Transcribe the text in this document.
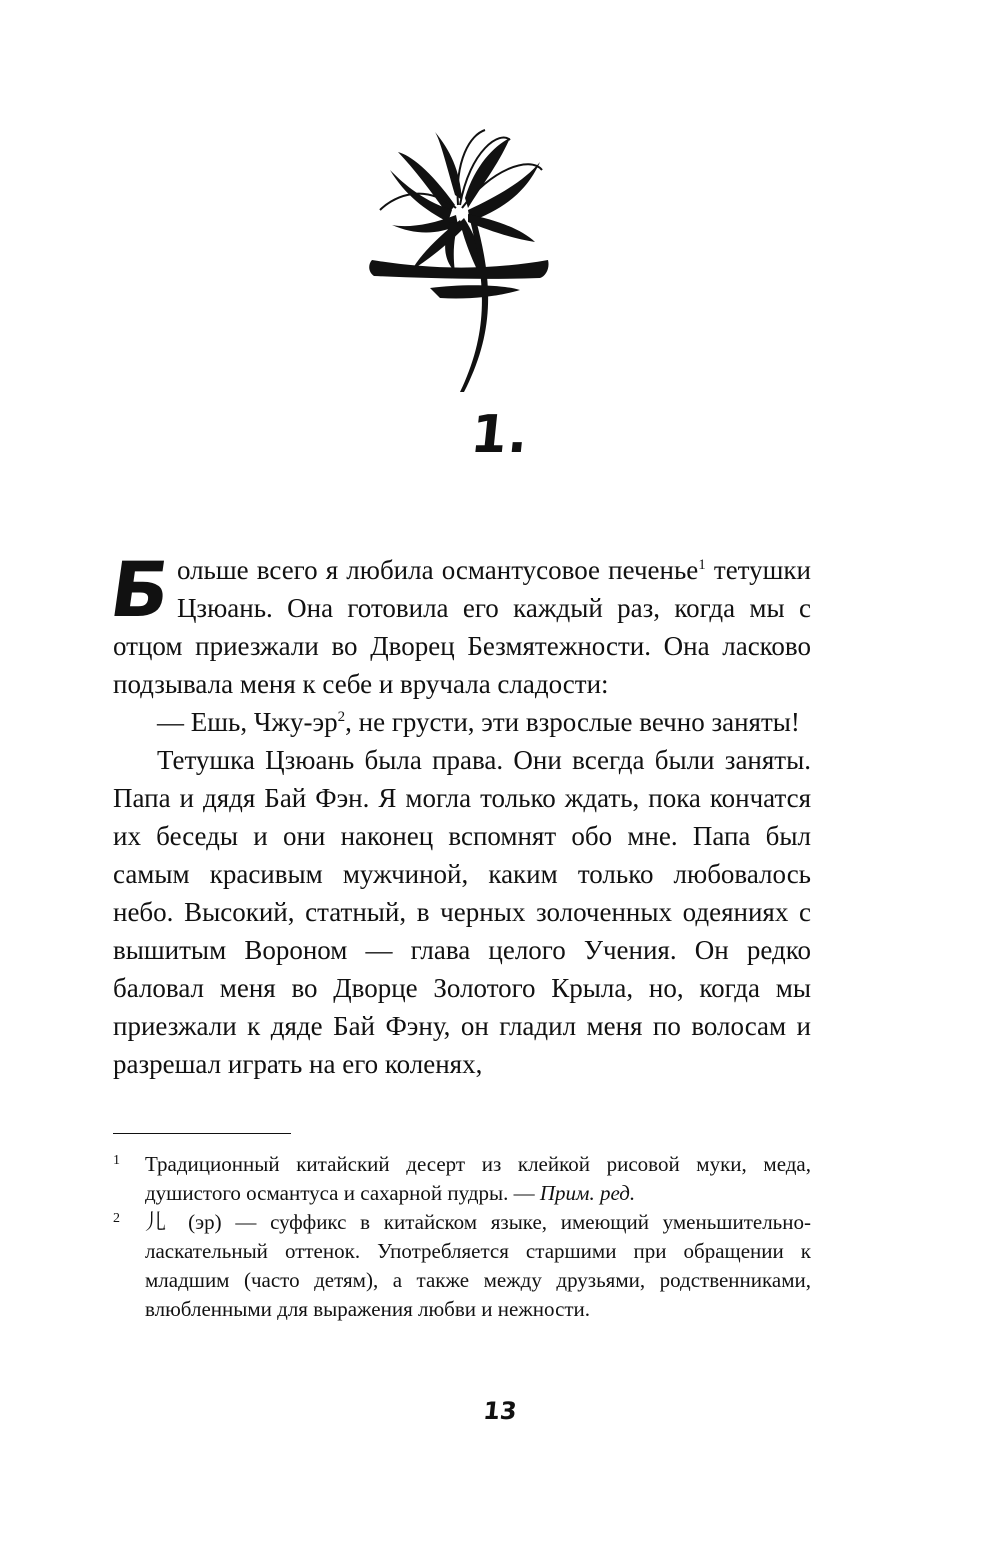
1.

Больше всего я любила османтусовое печенье$^1$ тетушки Цзюань. Она готовила его каждый раз, когда мы с отцом приезжали во Дворец Безмятежности. Она ласково подзывала меня к себе и вручала сладости:

— Ешь, Чжу-$эр^2$, не грусти, эти взрослые вечно заняты!

Тетушка Цзюань была права. Они всегда были заняты. Папа и дядя Бай Фэн. Я могла только ждать, пока кончатся их беседы и они наконец вспомнят обо мне. Папа был самым красивым мужчиной, каким только любовалось небо. Высокий, статный, в черных золоченных одеяниях с вышитым Вороном — глава целого Учения. Он редко баловал меня во Дворце Золотого Крыла, но, когда мы приезжали к дяде Бай Фэну, он гладил меня по волосам и разрешал играть на его коленях,

1	Традиционный китайский десерт из клейкой рисовой муки, меда, душистого османтуса и сахарной пудры. — Прим. ред.
2	儿 (эр) — суффикс в китайском языке, имеющий уменьшительно-ласкательный оттенок. Употребляется старшими при обращении к младшим (часто детям), а также между друзьями, родственниками, влюбленными для выражения любви и нежности.
13
